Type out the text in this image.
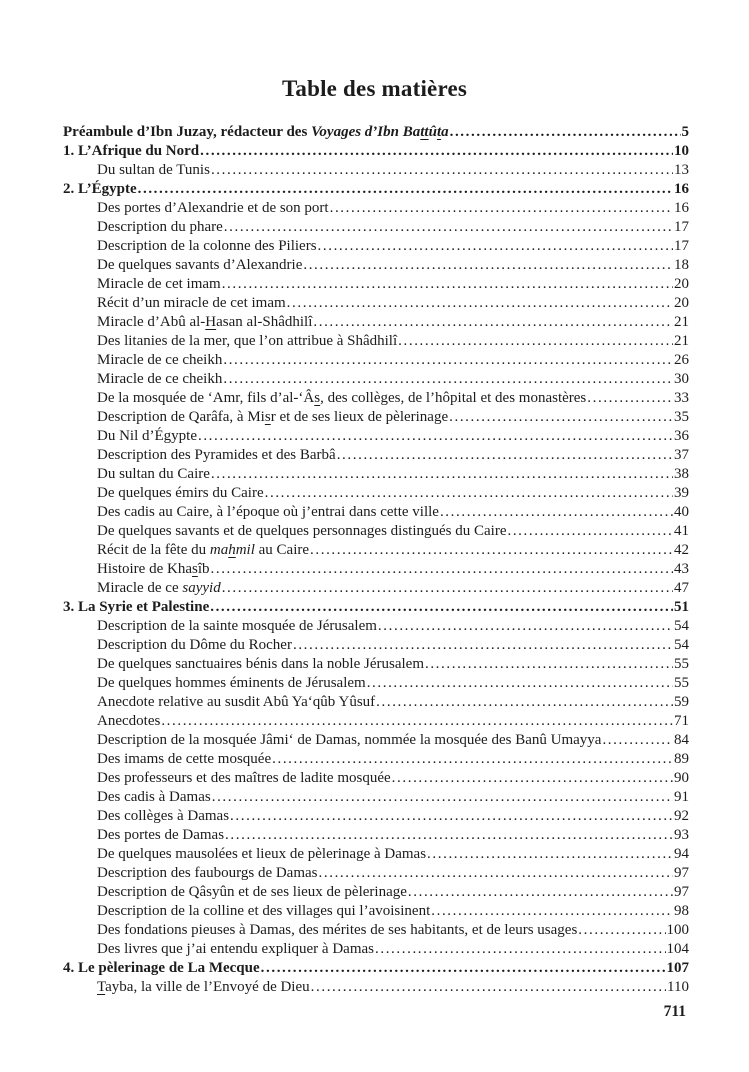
Table des matières
Préambule d’Ibn Juzay, rédacteur des Voyages d’Ibn Battûta .....	5
1. L’Afrique du Nord .....	10
Du sultan de Tunis .....	13
2. L’Égypte .....	16
Des portes d’Alexandrie et de son port .....	16
Description du phare .....	17
Description de la colonne des Piliers .....	17
De quelques savants d’Alexandrie .....	18
Miracle de cet imam .....	20
Récit d’un miracle de cet imam .....	20
Miracle d’Abû al-Hasan al-Shâdhilî .....	21
Des litanies de la mer, que l’on attribue à Shâdhilî .....	21
Miracle de ce cheikh .....	26
Miracle de ce cheikh .....	30
De la mosquée de ‘Amr, fils d’al-‘Âs, des collèges, de l’hôpital et des monastères .....	33
Description de Qarâfa, à Misr et de ses lieux de pèlerinage .....	35
Du Nil d’Égypte .....	36
Description des Pyramides et des Barbâ .....	37
Du sultan du Caire .....	38
De quelques émirs du Caire .....	39
Des cadis au Caire, à l’époque où j’entrai dans cette ville .....	40
De quelques savants et de quelques personnages distingués du Caire .....	41
Récit de la fête du mahmil au Caire .....	42
Histoire de Khasîb .....	43
Miracle de ce sayyid .....	47
3. La Syrie et Palestine .....	51
Description de la sainte mosquée de Jérusalem .....	54
Description du Dôme du Rocher .....	54
De quelques sanctuaires bénis dans la noble Jérusalem .....	55
De quelques hommes éminents de Jérusalem .....	55
Anecdote relative au susdit Abû Ya‘qûb Yûsuf .....	59
Anecdotes .....	71
Description de la mosquée Jâmi‘ de Damas, nommée la mosquée des Banû Umayya .....	84
Des imams de cette mosquée .....	89
Des professeurs et des maîtres de ladite mosquée .....	90
Des cadis à Damas .....	91
Des collèges à Damas .....	92
Des portes de Damas .....	93
De quelques mausolées et lieux de pèlerinage à Damas .....	94
Description des faubourgs de Damas .....	97
Description de Qâsyûn et de ses lieux de pèlerinage .....	97
Description de la colline et des villages qui l’avoisinent .....	98
Des fondations pieuses à Damas, des mérites de ses habitants, et de leurs usages .....	100
Des livres que j’ai entendu expliquer à Damas .....	104
4. Le pèlerinage de La Mecque .....	107
Tayba, la ville de l’Envoyé de Dieu .....	110
711
